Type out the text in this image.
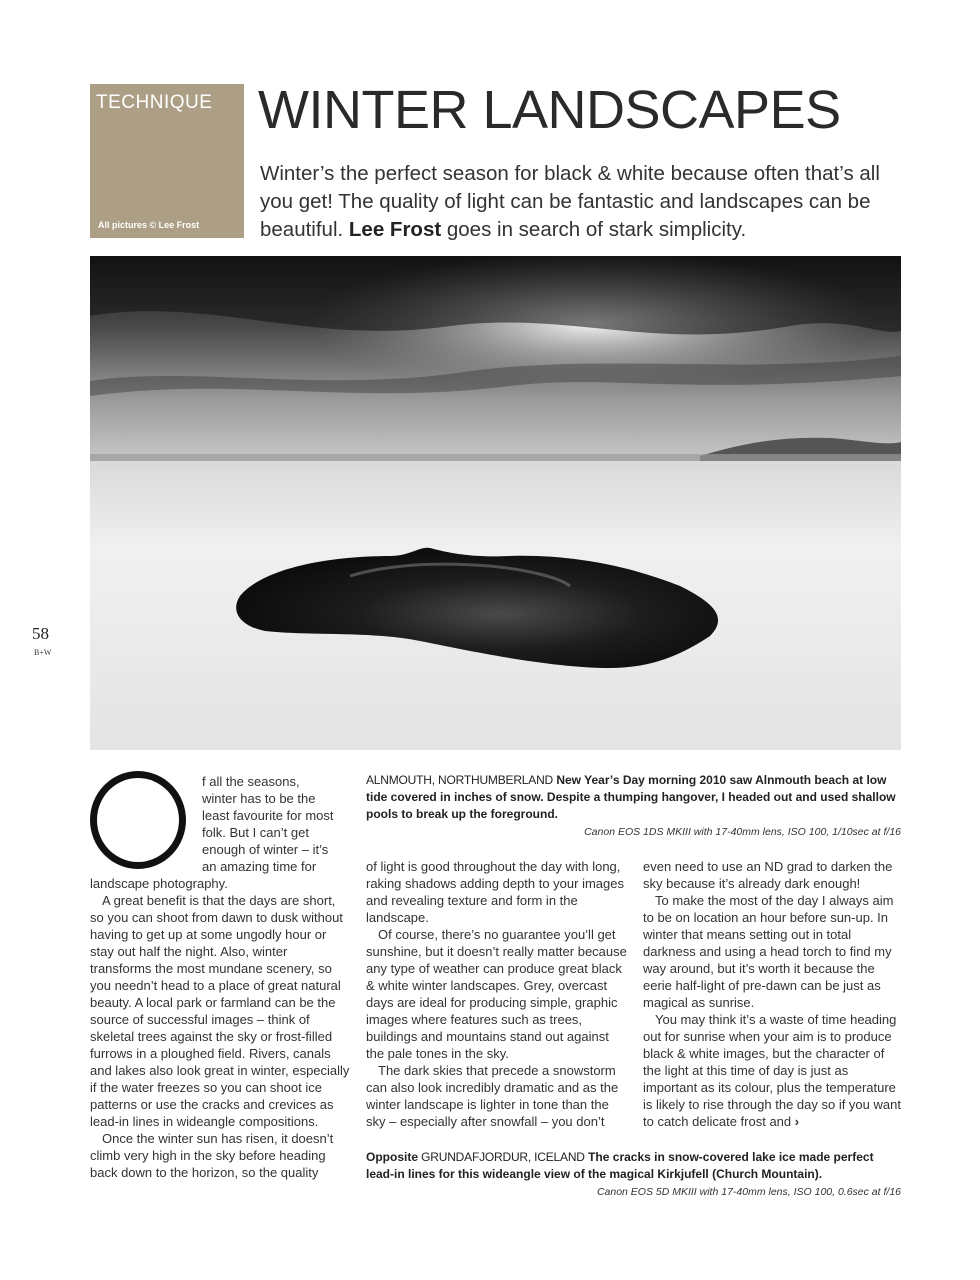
TECHNIQUE
All pictures © Lee Frost
WINTER LANDSCAPES
Winter’s the perfect season for black & white because often that’s all you get! The quality of light can be fantastic and landscapes can be beautiful. Lee Frost goes in search of stark simplicity.
58
B+W
ALNMOUTH, NORTHUMBERLAND New Year’s Day morning 2010 saw Alnmouth beach at low tide covered in inches of snow. Despite a thumping hangover, I headed out and used shallow pools to break up the foreground.
Canon EOS 1DS MKIII with 17-40mm lens, ISO 100, 1/10sec at f/16

f all the seasons,

winter has to be the

least favourite for most

folk. But I can’t get

enough of winter – it’s

an amazing time for

landscape photography.

A great benefit is that the days are short, so you can shoot from dawn to dusk without having to get up at some ungodly hour or stay out half the night. Also, winter transforms the most mundane scenery, so you needn’t head to a place of great natural beauty. A local park or farmland can be the source of successful images – think of skeletal trees against the sky or frost-filled furrows in a ploughed field. Rivers, canals and lakes also look great in winter, especially if the water freezes so you can shoot ice patterns or use the cracks and crevices as lead-in lines in wideangle compositions.

Once the winter sun has risen, it doesn’t climb very high in the sky before heading back down to the horizon, so the quality

of light is good throughout the day with long, raking shadows adding depth to your images and revealing texture and form in the landscape.

Of course, there’s no guarantee you’ll get sunshine, but it doesn’t really matter because any type of weather can produce great black & white winter landscapes. Grey, overcast days are ideal for producing simple, graphic images where features such as trees, buildings and mountains stand out against the pale tones in the sky.

The dark skies that precede a snowstorm can also look incredibly dramatic and as the winter landscape is lighter in tone than the sky – especially after snowfall – you don’t

even need to use an ND grad to darken the sky because it’s already dark enough!

To make the most of the day I always aim to be on location an hour before sun-up. In winter that means setting out in total darkness and using a head torch to find my way around, but it’s worth it because the eerie half-light of pre-dawn can be just as magical as sunrise.

You may think it’s a waste of time heading out for sunrise when your aim is to produce black & white images, but the character of the light at this time of day is just as important as its colour, plus the temperature is likely to rise through the day so if you want to catch delicate frost and ›

Opposite GRUNDAFJORDUR, ICELAND The cracks in snow-covered lake ice made perfect lead-in lines for this wideangle view of the magical Kirkjufell (Church Mountain).
Canon EOS 5D MKIII with 17-40mm lens, ISO 100, 0.6sec at f/16
